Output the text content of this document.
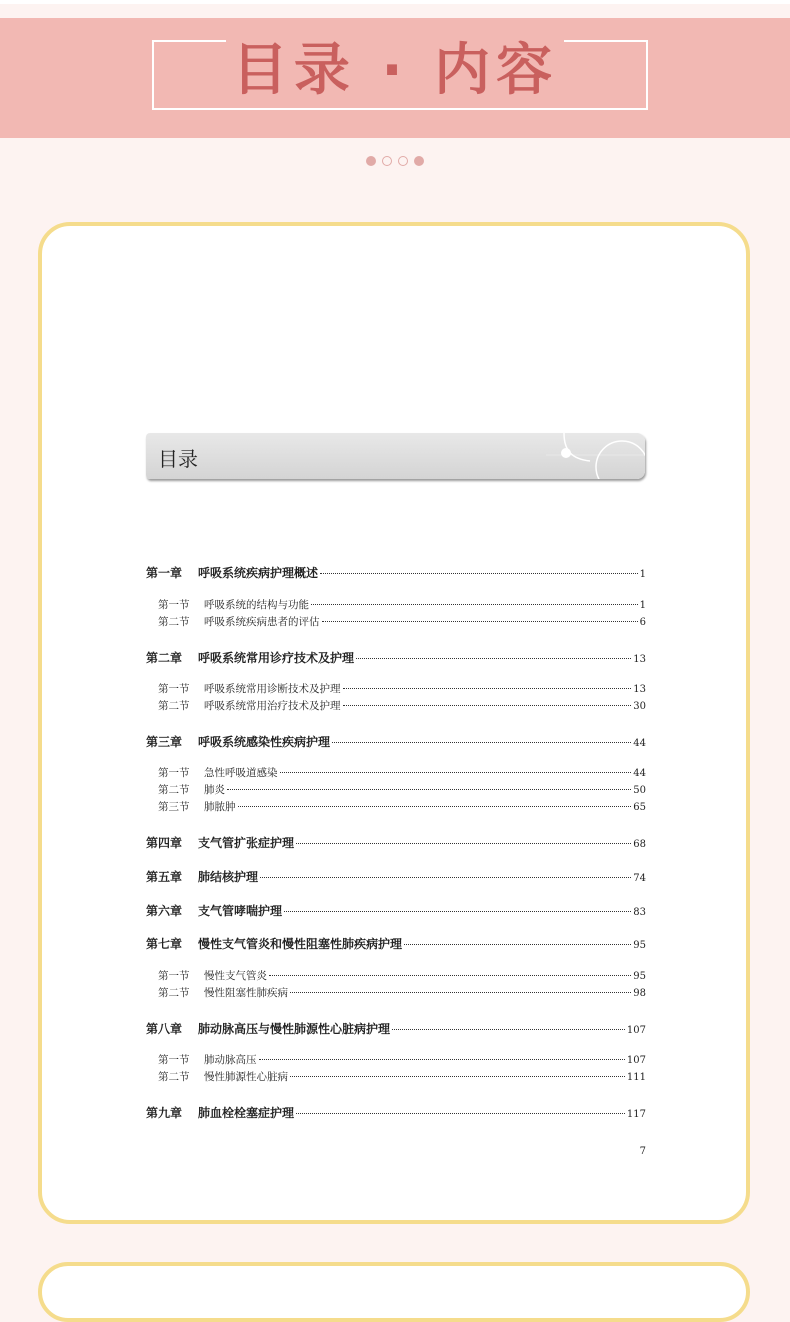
目录 · 内容

目录
第一章	呼吸系统疾病护理概述	1
第一节	呼吸系统的结构与功能	1
第二节	呼吸系统疾病患者的评估	6
第二章	呼吸系统常用诊疗技术及护理	13
第一节	呼吸系统常用诊断技术及护理	13
第二节	呼吸系统常用治疗技术及护理	30
第三章	呼吸系统感染性疾病护理	44
第一节	急性呼吸道感染	44
第二节	肺炎	50
第三节	肺脓肿	65
第四章	支气管扩张症护理	68
第五章	肺结核护理	74
第六章	支气管哮喘护理	83
第七章	慢性支气管炎和慢性阻塞性肺疾病护理	95
第一节	慢性支气管炎	95
第二节	慢性阻塞性肺疾病	98
第八章	肺动脉高压与慢性肺源性心脏病护理	107
第一节	肺动脉高压	107
第二节	慢性肺源性心脏病	111
第九章	肺血栓栓塞症护理	117
7
